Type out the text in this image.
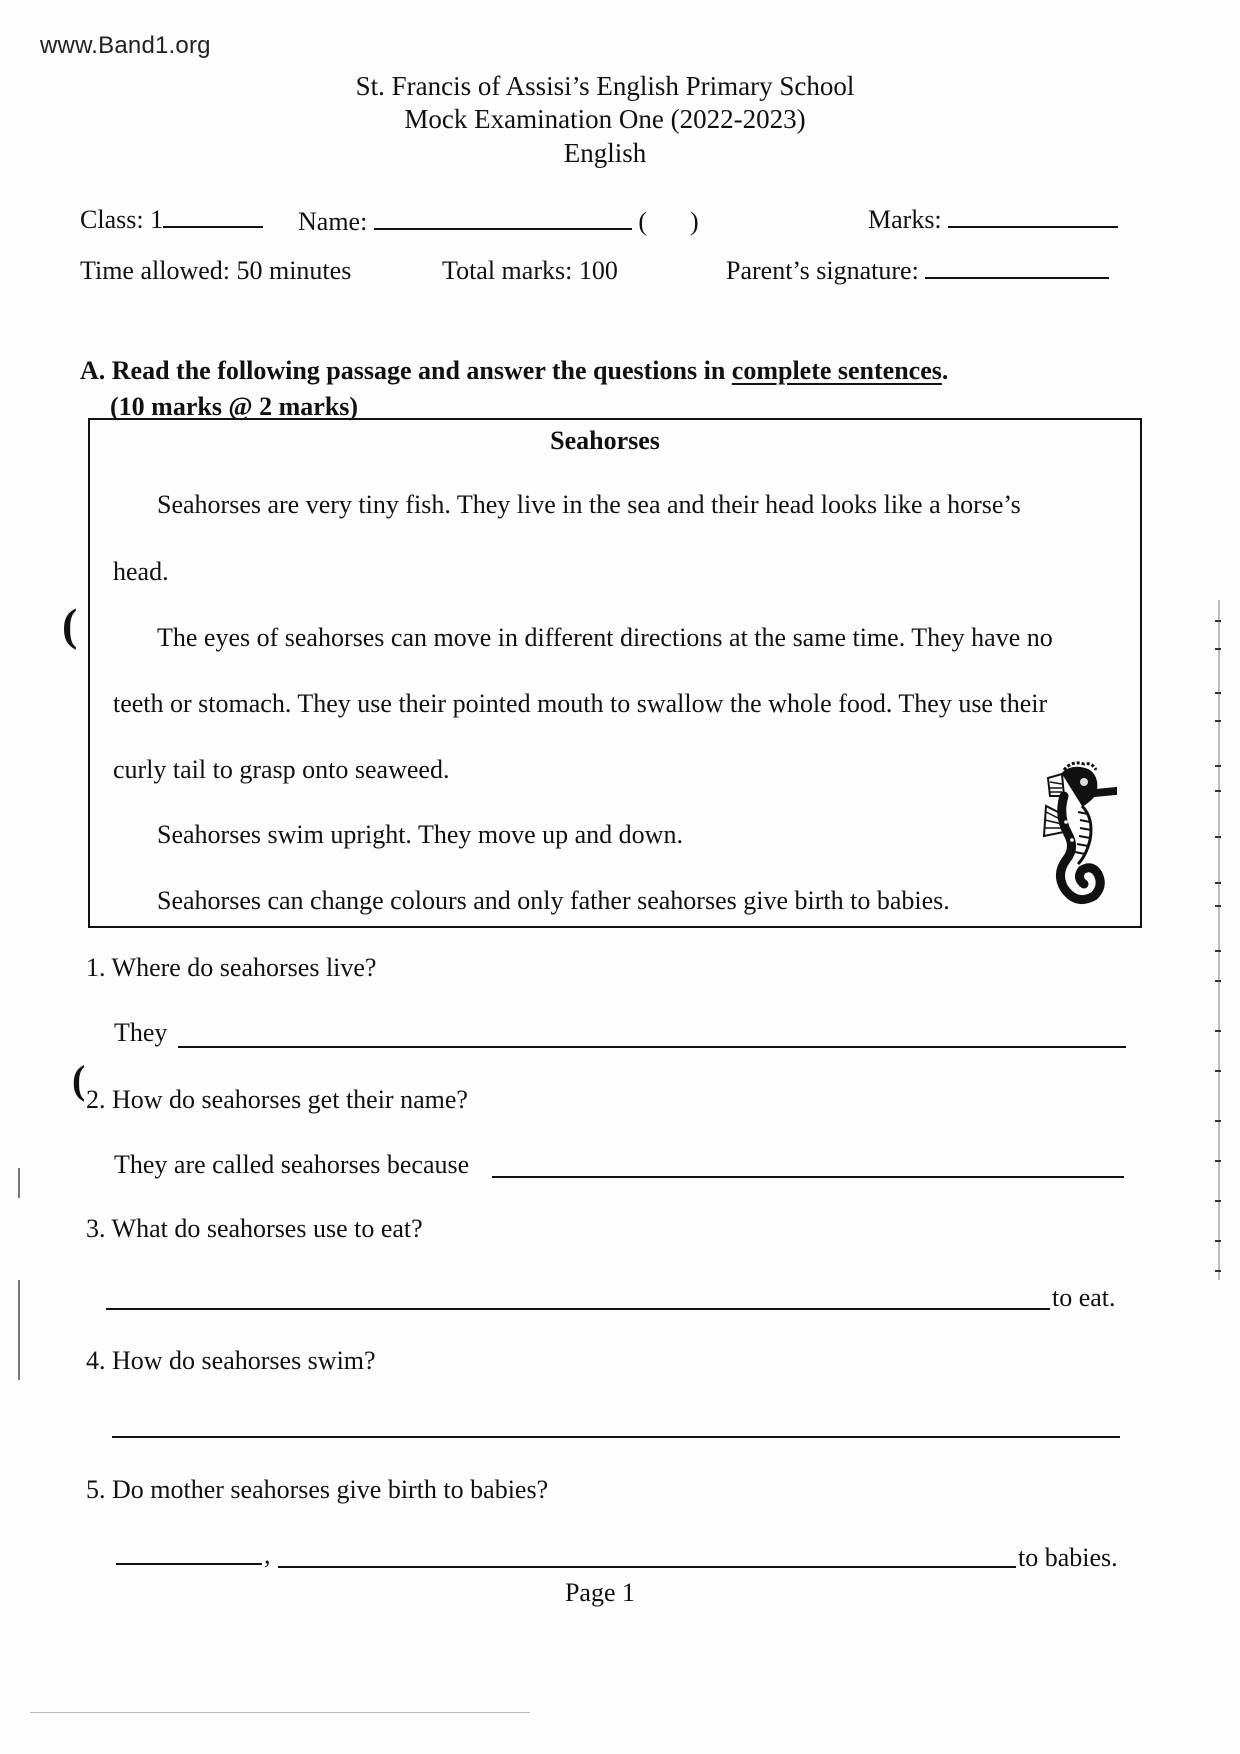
www.Band1.org
St. Francis of Assisi’s English Primary School
Mock Examination One (2022-2023)
English
Class: 1	Name:	( )	Marks:
Time allowed: 50 minutes	Total marks: 100	Parent’s signature:
A. Read the following passage and answer the questions in complete sentences.
(10 marks @ 2 marks)
Seahorses
Seahorses are very tiny fish. They live in the sea and their head looks like a horse’s
head.
The eyes of seahorses can move in different directions at the same time. They have no
teeth or stomach. They use their pointed mouth to swallow the whole food. They use their
curly tail to grasp onto seaweed.
Seahorses swim upright. They move up and down.
Seahorses can change colours and only father seahorses give birth to babies.
(
(
1. Where do seahorses live?
They
2. How do seahorses get their name?
They are called seahorses because
3. What do seahorses use to eat?
to eat.
4. How do seahorses swim?
5. Do mother seahorses give birth to babies?
,	to babies.
Page 1
